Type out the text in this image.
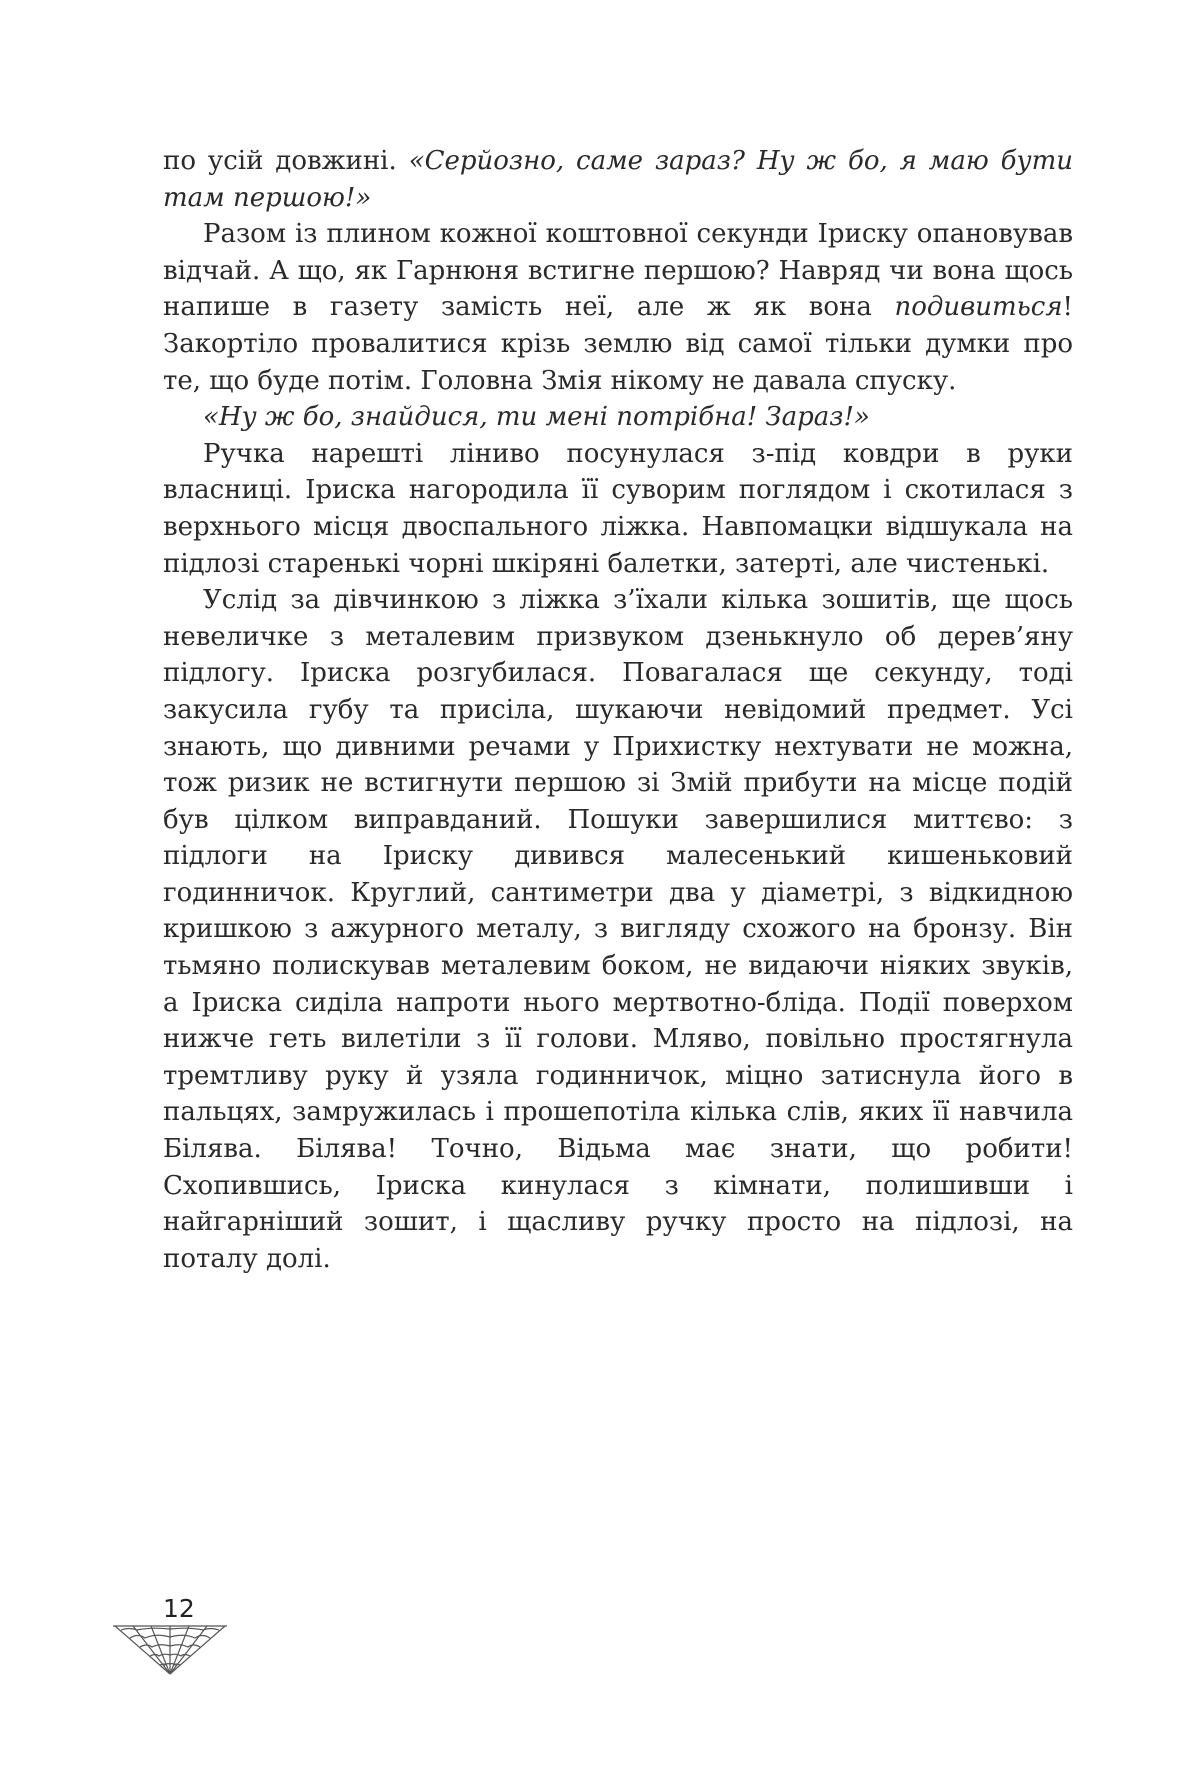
по усій довжині. «Серйозно, саме зараз? Ну ж бо, я маю бути там першою!»

Разом із плином кожної коштовної секунди Іриску опановував відчай. А що, як Гарнюня встигне першою? Навряд чи вона щось напише в газету замість неї, але ж як вона подивиться! Закортіло провалитися крізь землю від самої тільки думки про те, що буде потім. Головна Змія нікому не давала спуску.

«Ну ж бо, знайдися, ти мені потрібна! Зараз!»

Ручка нарешті ліниво посунулася з-під ковдри в руки власниці. Іриска нагородила її суворим поглядом і скотилася з верхнього місця двоспального ліжка. Навпомацки відшукала на підлозі старенькі чорні шкіряні балетки, затерті, але чистенькі.

Услід за дівчинкою з ліжка з’їхали кілька зошитів, ще щось невеличке з металевим призвуком дзенькнуло об дерев’яну підлогу. Іриска розгубилася. Повагалася ще секунду, тоді закусила губу та присіла, шукаючи невідомий предмет. Усі знають, що дивними речами у Прихистку нехтувати не можна, тож ризик не встигнути першою зі Змій прибути на місце подій був цілком виправданий. Пошуки завершилися миттєво: з підлоги на Іриску дивився малесенький кишеньковий годинничок. Круглий, сантиметри два у діаметрі, з відкидною кришкою з ажурного металу, з вигляду схожого на бронзу. Він тьмяно полискував металевим боком, не видаючи ніяких звуків, а Іриска сиділа напроти нього мертвотно-бліда. Події поверхом нижче геть вилетіли з її голови. Мляво, повільно простягнула тремтливу руку й узяла годинничок, міцно затиснула його в пальцях, замружилась і прошепотіла кілька слів, яких її навчила Білява. Білява! Точно, Відьма має знати, що робити! Схопившись, Іриска кинулася з кімнати, полишивши і найгарніший зошит, і щасливу ручку просто на підлозі, на поталу долі.

12
